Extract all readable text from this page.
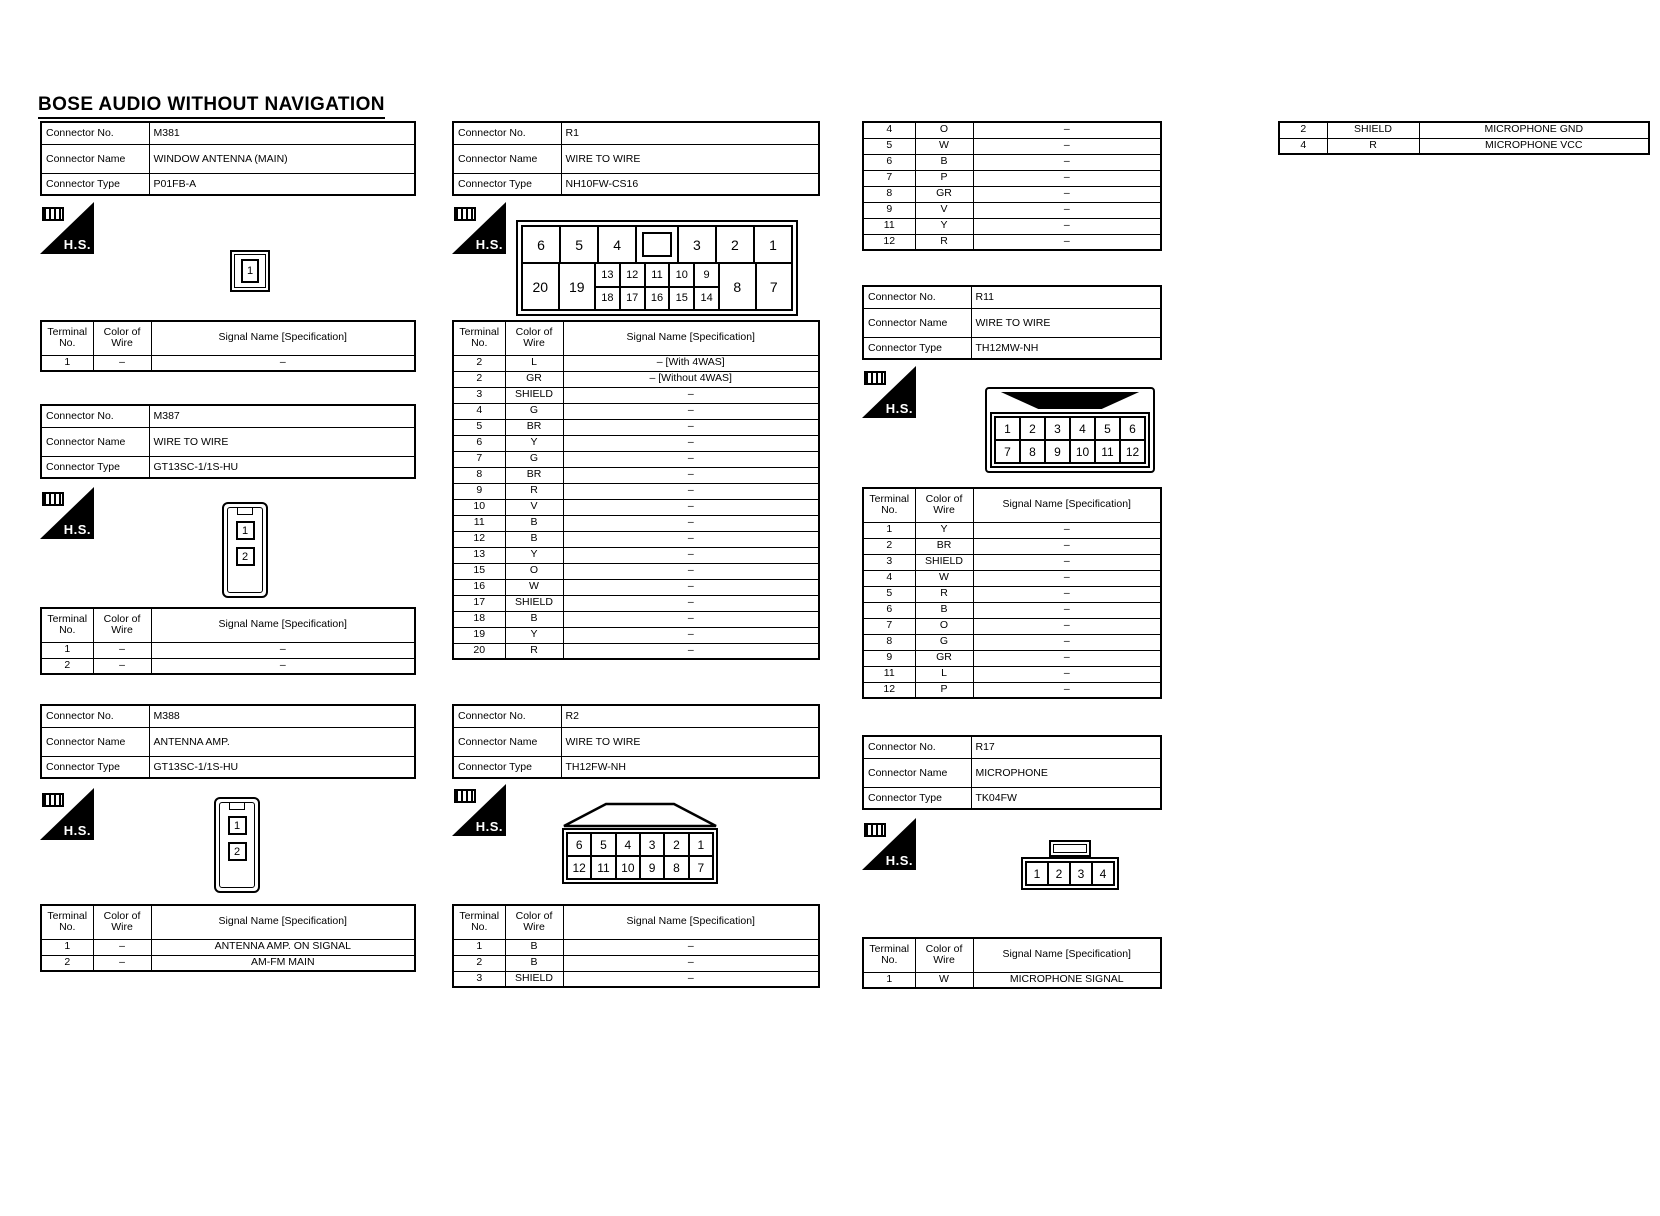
BOSE AUDIO WITHOUT NAVIGATION
Connector No.	M381
Connector Name	WINDOW ANTENNA (MAIN)
Connector Type	P01FB-A
H.S.
1
Terminal No.	Color of Wire	Signal Name [Specification]
1	–	–
Connector No.	M387
Connector Name	WIRE TO WIRE
Connector Type	GT13SC-1/1S-HU
H.S.	1
2
Terminal No.	Color of Wire	Signal Name [Specification]
1	–	–
2	–	–
Connector No.	M388
Connector Name	ANTENNA AMP.
Connector Type	GT13SC-1/1S-HU
H.S.	1
2
Terminal No.	Color of Wire	Signal Name [Specification]
1	–	ANTENNA AMP. ON SIGNAL
2	–	AM-FM MAIN
Connector No.	R1
Connector Name	WIRE TO WIRE
Connector Type	NH10FW-CS16
H.S.	6	5	4	3	2	1
20	19
13	12	11	10	9
18	17	16	15	14
8	7
Terminal No.	Color of Wire	Signal Name [Specification]
2	L	– [With 4WAS]
2	GR	– [Without 4WAS]
3	SHIELD	–
4	G	–
5	BR	–
6	Y	–
7	G	–
8	BR	–
9	R	–
10	V	–
11	B	–
12	B	–
13	Y	–
15	O	–
16	W	–
17	SHIELD	–
18	B	–
19	Y	–
20	R	–
Connector No.	R2
Connector Name	WIRE TO WIRE
Connector Type	TH12FW-NH
H.S.
6	5	4	3	2	1
12 11 10	9	8	7
Terminal No.	Color of Wire	Signal Name [Specification]
1	B	–
2	B	–
3	SHIELD	–
4	O	–
5	W	–
6	B	–
7	P	–
8	GR	–
9	V	–
11	Y	–
12	R	–
Connector No.	R11
Connector Name	WIRE TO WIRE
Connector Type	TH12MW-NH
H.S.
1	2	3	4	5	6
7	8	9	10	11	12
Terminal No.	Color of Wire	Signal Name [Specification]
1	Y	–
2	BR	–
3	SHIELD	–
4	W	–
5	R	–
6	B	–
7	O	–
8	G	–
9	GR	–
11	L	–
12	P	–
Connector No.	R17
Connector Name	MICROPHONE
Connector Type	TK04FW
H.S.
1	2	3	4
Terminal No.	Color of Wire	Signal Name [Specification]
1	W	MICROPHONE SIGNAL
2	SHIELD	MICROPHONE GND
4	R	MICROPHONE VCC
